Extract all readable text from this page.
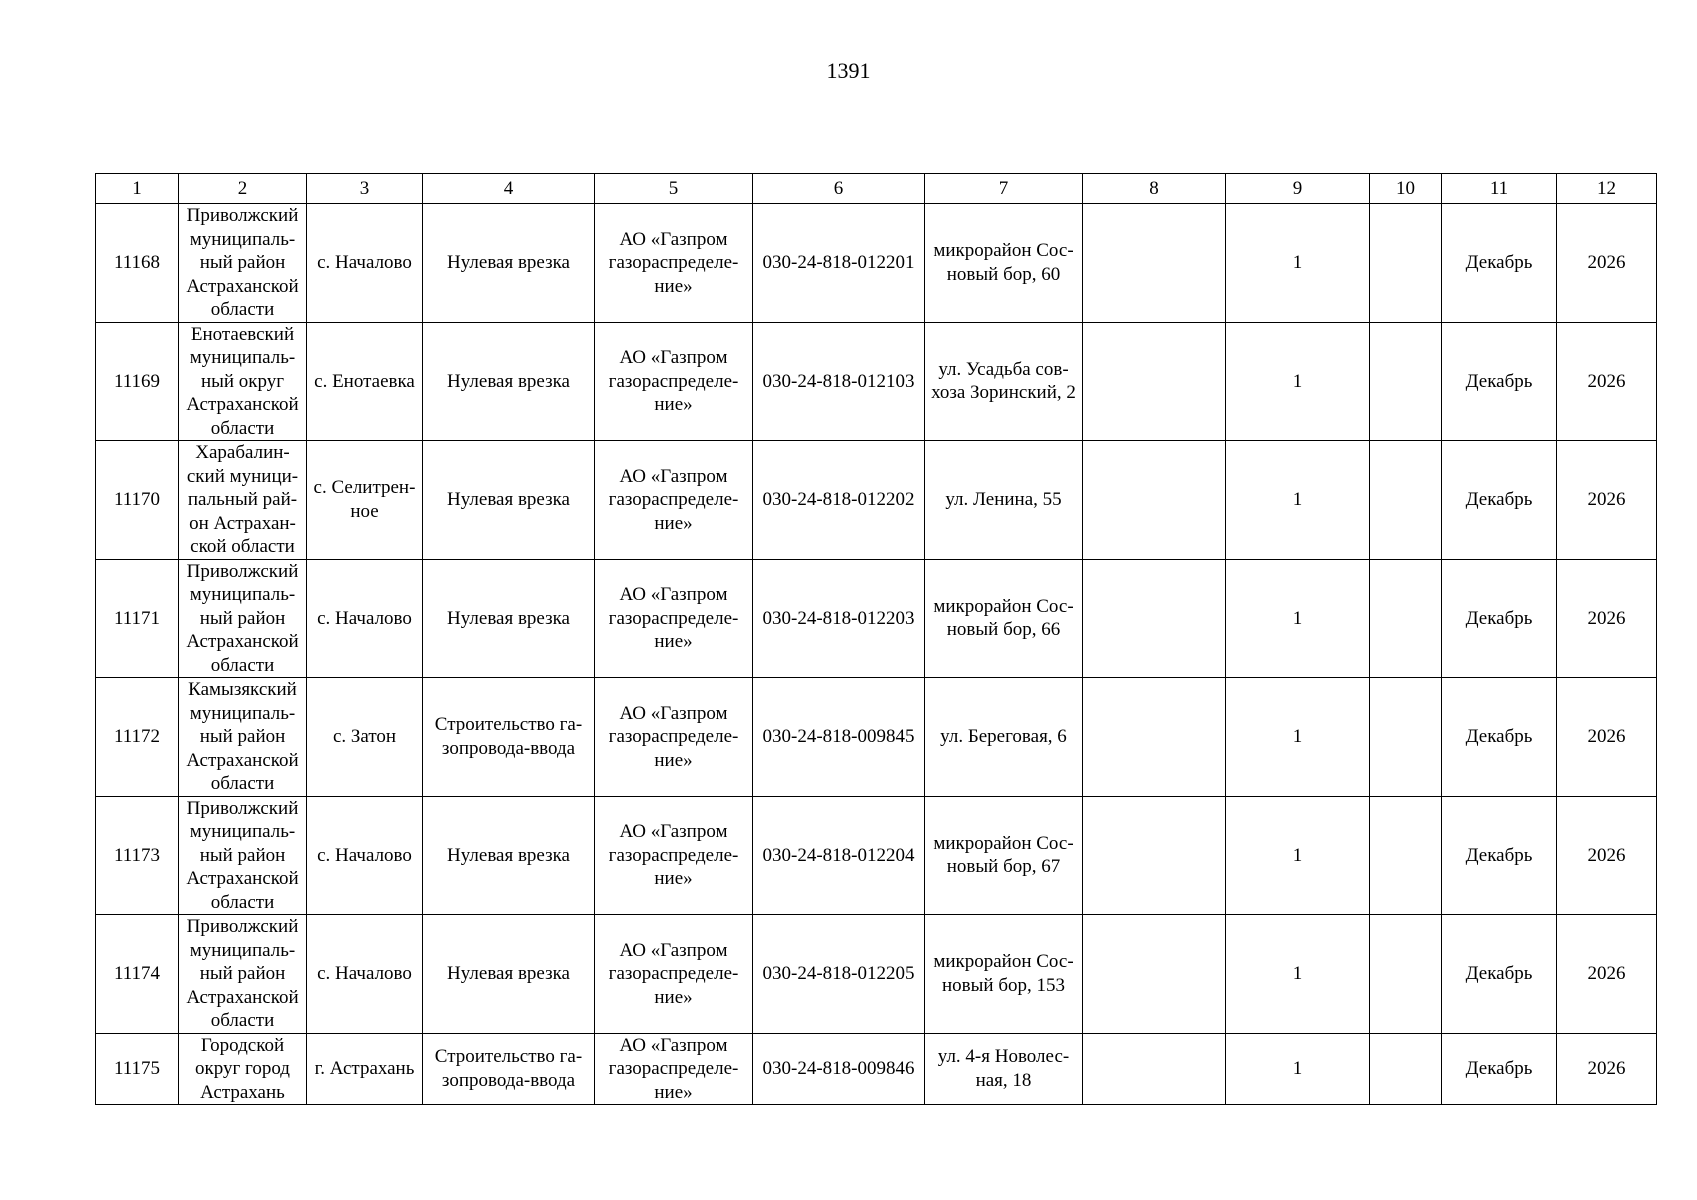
1391
1	2	3	4	5	6	7	8	9	10	11	12

11168	Приволжский
муниципаль-
ный район
Астраханской
области	с. Началово	Нулевая врезка	АО «Газпром
газораспределе-
ние»	030-24-818-012201	микрорайон Сос-
новый бор, 60		1		Декабрь	2026

11169	Енотаевский
муниципаль-
ный округ
Астраханской
области	с. Енотаевка	Нулевая врезка	АО «Газпром
газораспределе-
ние»	030-24-818-012103	ул. Усадьба сов-
хоза Зоринский, 2		1		Декабрь	2026

11170	Харабалин-
ский муници-
пальный рай-
он Астрахан-
ской области	с. Селитрен-
ное	Нулевая врезка	АО «Газпром
газораспределе-
ние»	030-24-818-012202	ул. Ленина, 55		1		Декабрь	2026

11171	Приволжский
муниципаль-
ный район
Астраханской
области	с. Началово	Нулевая врезка	АО «Газпром
газораспределе-
ние»	030-24-818-012203	микрорайон Сос-
новый бор, 66		1		Декабрь	2026

11172	Камызякский
муниципаль-
ный район
Астраханской
области	с. Затон	Строительство га-
зопровода-ввода	АО «Газпром
газораспределе-
ние»	030-24-818-009845	ул. Береговая, 6		1		Декабрь	2026

11173	Приволжский
муниципаль-
ный район
Астраханской
области	с. Началово	Нулевая врезка	АО «Газпром
газораспределе-
ние»	030-24-818-012204	микрорайон Сос-
новый бор, 67		1		Декабрь	2026

11174	Приволжский
муниципаль-
ный район
Астраханской
области	с. Началово	Нулевая врезка	АО «Газпром
газораспределе-
ние»	030-24-818-012205	микрорайон Сос-
новый бор, 153		1		Декабрь	2026

11175	Городской
округ город
Астрахань	г. Астрахань	Строительство га-
зопровода-ввода	АО «Газпром
газораспределе-
ние»	030-24-818-009846	ул. 4-я Новолес-
ная, 18		1		Декабрь	2026
